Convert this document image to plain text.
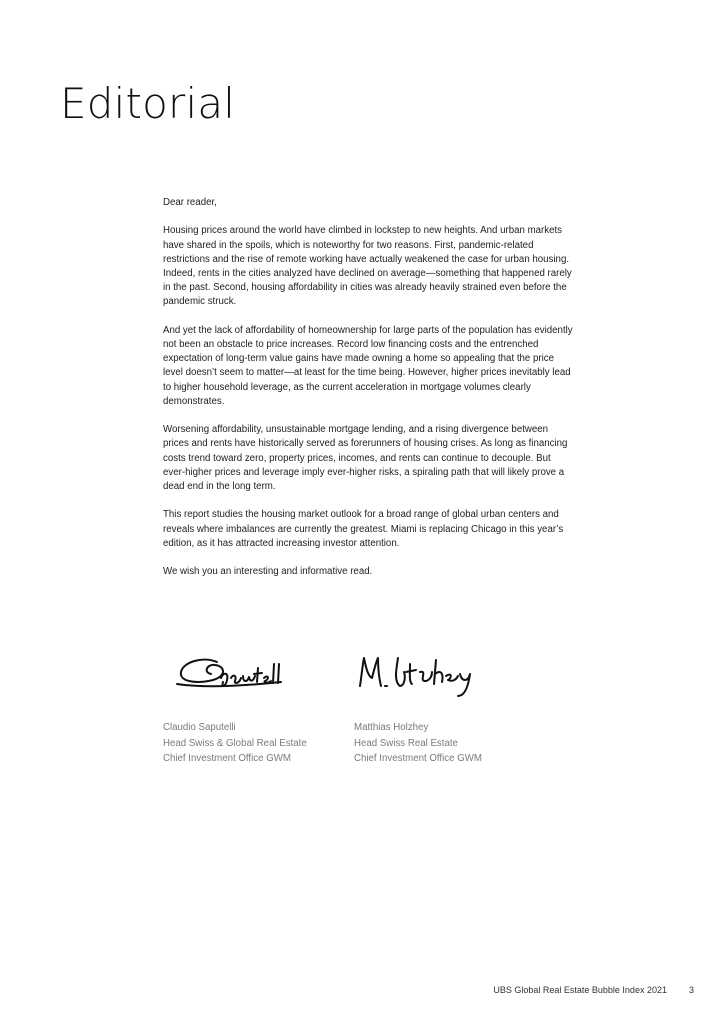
Editorial

Dear reader,

Housing prices around the world have climbed in lockstep to new heights. And urban markets have shared in the spoils, which is noteworthy for two reasons. First, pandemic-related restrictions and the rise of remote working have actually weakened the case for urban housing. Indeed, rents in the cities analyzed have declined on average—something that happened rarely in the past. Second, housing affordability in cities was already heavily strained even before the pandemic struck.

And yet the lack of affordability of homeownership for large parts of the population has evidently not been an obstacle to price increases. Record low financing costs and the entrenched expectation of long-term value gains have made owning a home so appealing that the price level doesn’t seem to matter—at least for the time being. However, higher prices inevitably lead to higher household leverage, as the current acceleration in mortgage volumes clearly demonstrates.

Worsening affordability, unsustainable mortgage lending, and a rising divergence between prices and rents have historically served as forerunners of housing crises. As long as financing costs trend toward zero, property prices, incomes, and rents can continue to decouple. But ever-higher prices and leverage imply ever-higher risks, a spiraling path that will likely prove a dead end in the long term.

This report studies the housing market outlook for a broad range of global urban centers and reveals where imbalances are currently the greatest. Miami is replacing Chicago in this year’s edition, as it has attracted increasing investor attention.

We wish you an interesting and informative read.

Claudio Saputelli
Head Swiss & Global Real Estate
Chief Investment Office GWM
Matthias Holzhey
Head Swiss Real Estate
Chief Investment Office GWM
UBS Global Real Estate Bubble Index 2021 3
